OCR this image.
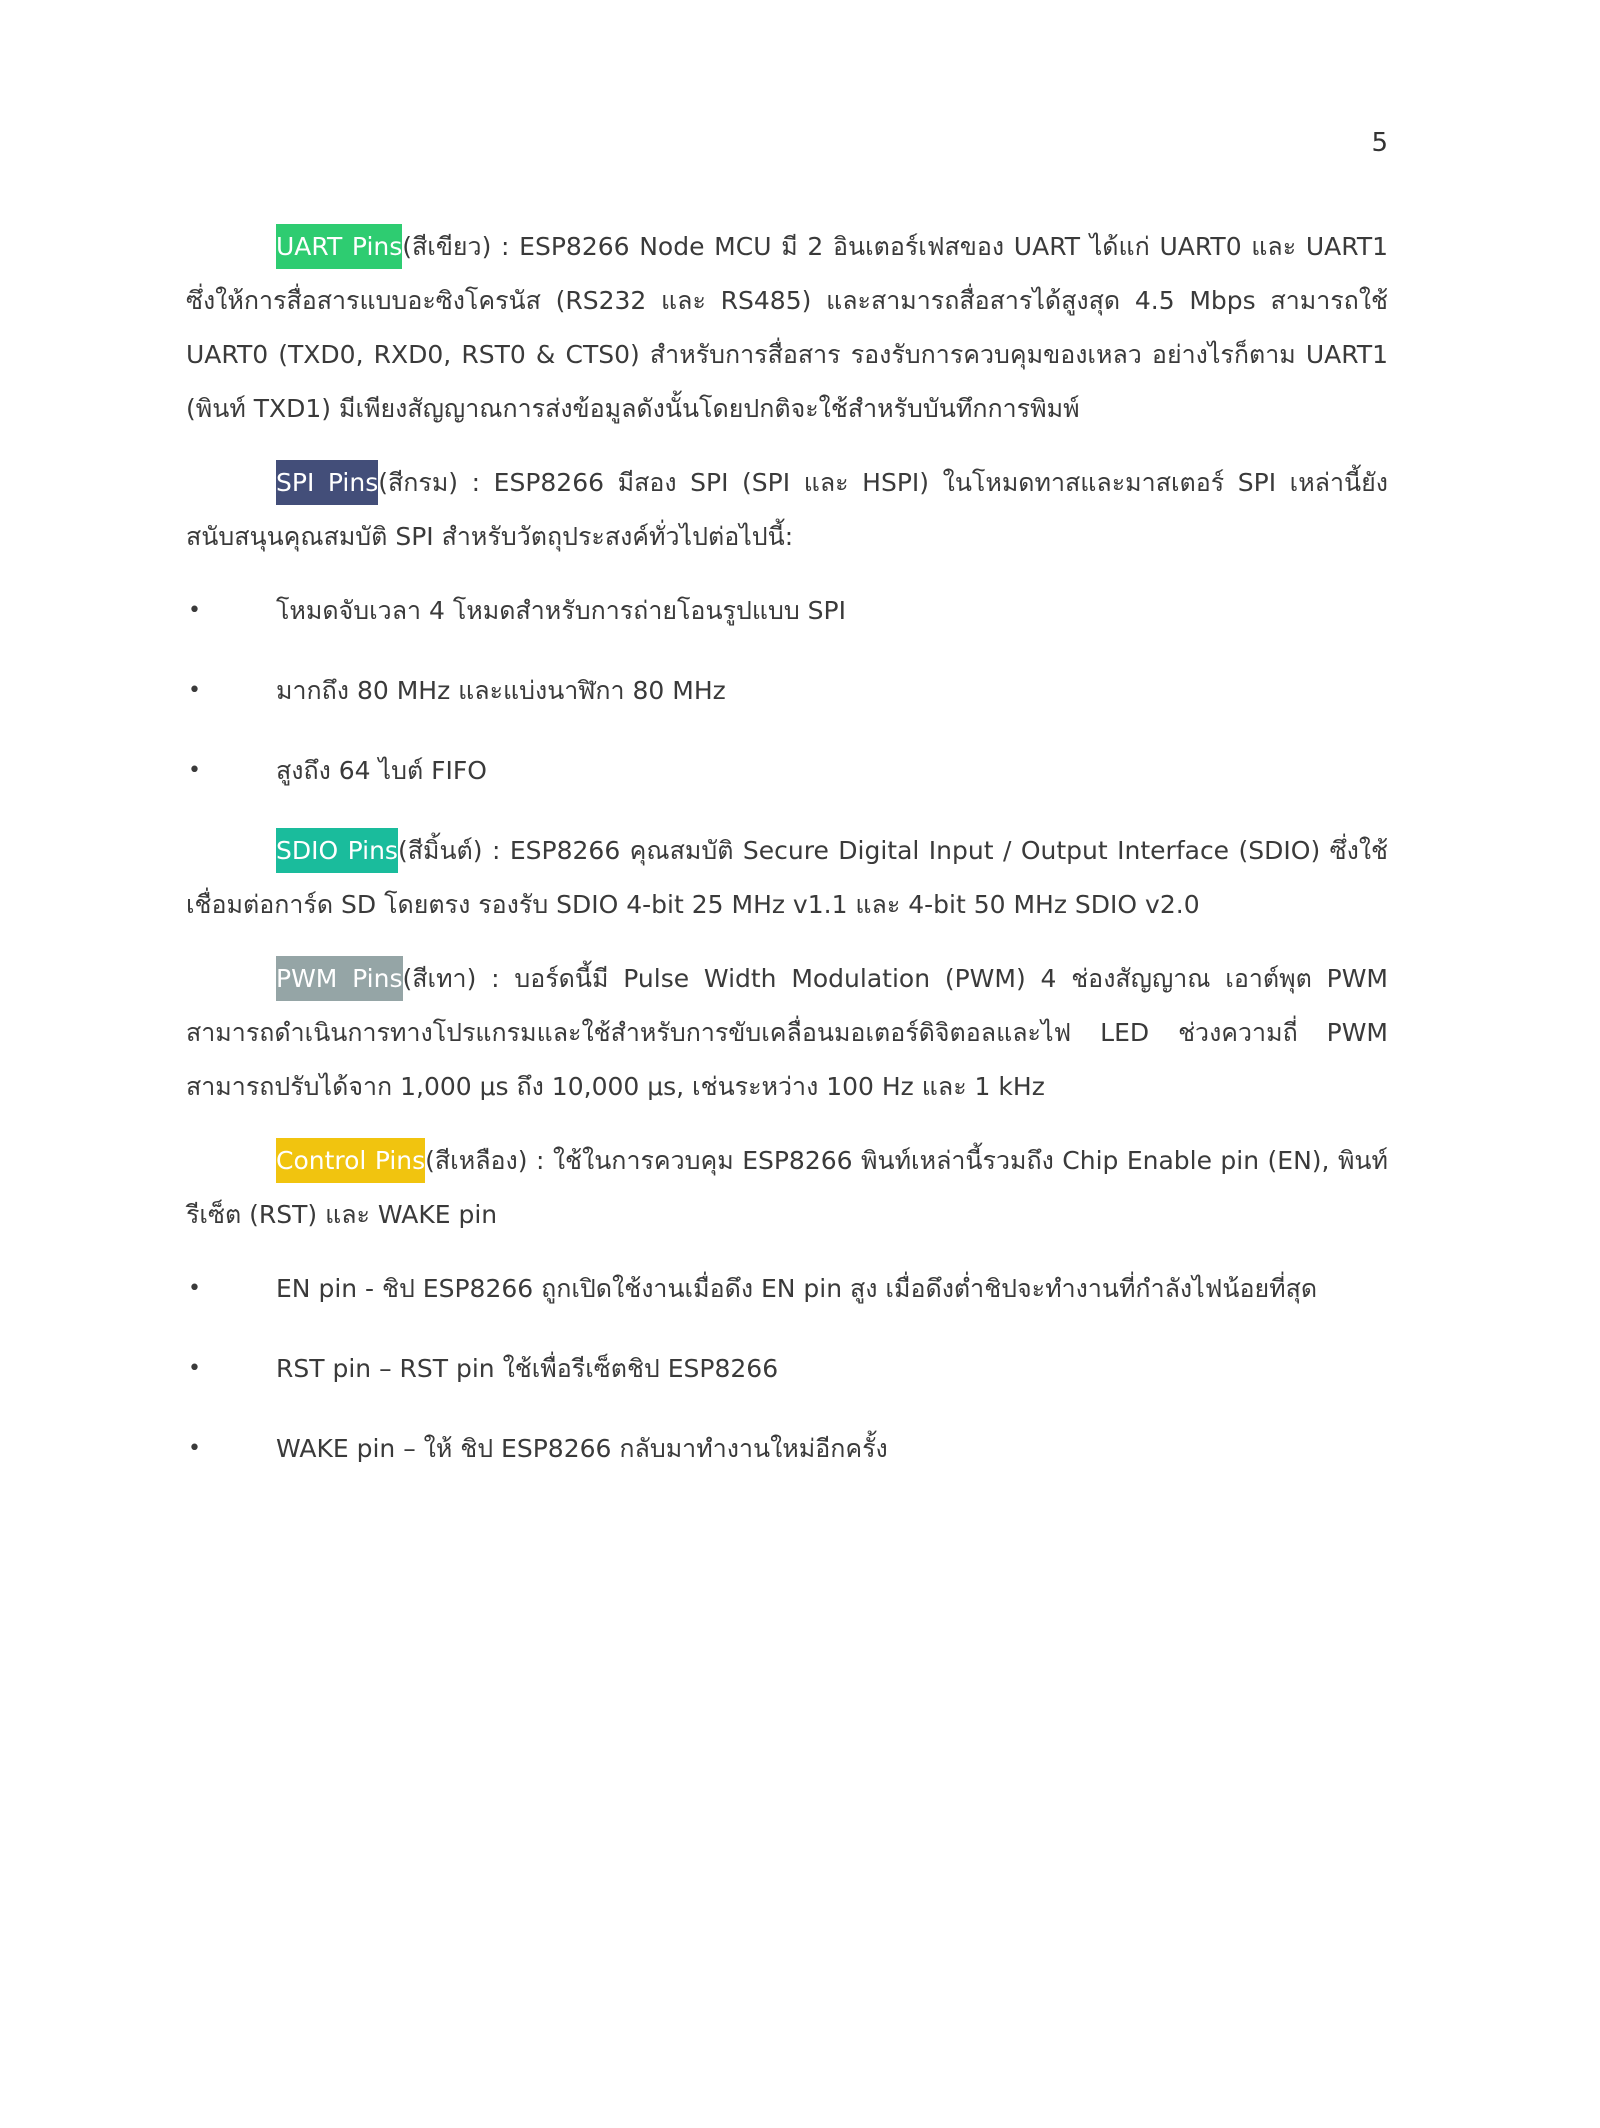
5

UART Pins(สีเขียว) : ESP8266 Node MCU มี 2 อินเตอร์เฟสของ UART ได้แก่ UART0 และ UART1 ซึ่งให้การสื่อสารแบบอะซิงโครนัส (RS232 และ RS485) และสามารถสื่อสารได้สูงสุด 4.5 Mbps สามารถใช้ UART0 (TXD0, RXD0, RST0 & CTS0) สำหรับการสื่อสาร รองรับการควบคุมของเหลว อย่างไรก็ตาม UART1 (พินท์ TXD1) มีเพียงสัญญาณการส่งข้อมูลดังนั้นโดยปกติจะใช้สำหรับบันทึกการพิมพ์

SPI Pins(สีกรม) : ESP8266 มีสอง SPI (SPI และ HSPI) ในโหมดทาสและมาสเตอร์ SPI เหล่านี้ยังสนับสนุนคุณสมบัติ SPI สำหรับวัตถุประสงค์ทั่วไปต่อไปนี้:

•	โหมดจับเวลา 4 โหมดสำหรับการถ่ายโอนรูปแบบ SPI
•	มากถึง 80 MHz และแบ่งนาฬิกา 80 MHz
•	สูงถึง 64 ไบต์ FIFO

SDIO Pins(สีมิ้นต์) : ESP8266 คุณสมบัติ Secure Digital Input / Output Interface (SDIO) ซึ่งใช้เชื่อมต่อการ์ด SD โดยตรง รองรับ SDIO 4-bit 25 MHz v1.1 และ 4-bit 50 MHz SDIO v2.0

PWM Pins(สีเทา) : บอร์ดนี้มี Pulse Width Modulation (PWM) 4 ช่องสัญญาณ เอาต์พุต PWM สามารถดำเนินการทางโปรแกรมและใช้สำหรับการขับเคลื่อนมอเตอร์ดิจิตอลและไฟ LED ช่วงความถี่ PWM สามารถปรับได้จาก 1,000 μs ถึง 10,000 μs, เช่นระหว่าง 100 Hz และ 1 kHz

Control Pins(สีเหลือง) : ใช้ในการควบคุม ESP8266 พินท์เหล่านี้รวมถึง Chip Enable pin (EN), พินท์รีเซ็ต (RST) และ WAKE pin

•	EN pin - ชิป ESP8266 ถูกเปิดใช้งานเมื่อดึง EN pin สูง เมื่อดึงต่ำชิปจะทำงานที่กำลังไฟน้อยที่สุด
•	RST pin – RST pin ใช้เพื่อรีเซ็ตชิป ESP8266
•	WAKE pin – ให้ ชิป ESP8266 กลับมาทำงานใหม่อีกครั้ง
